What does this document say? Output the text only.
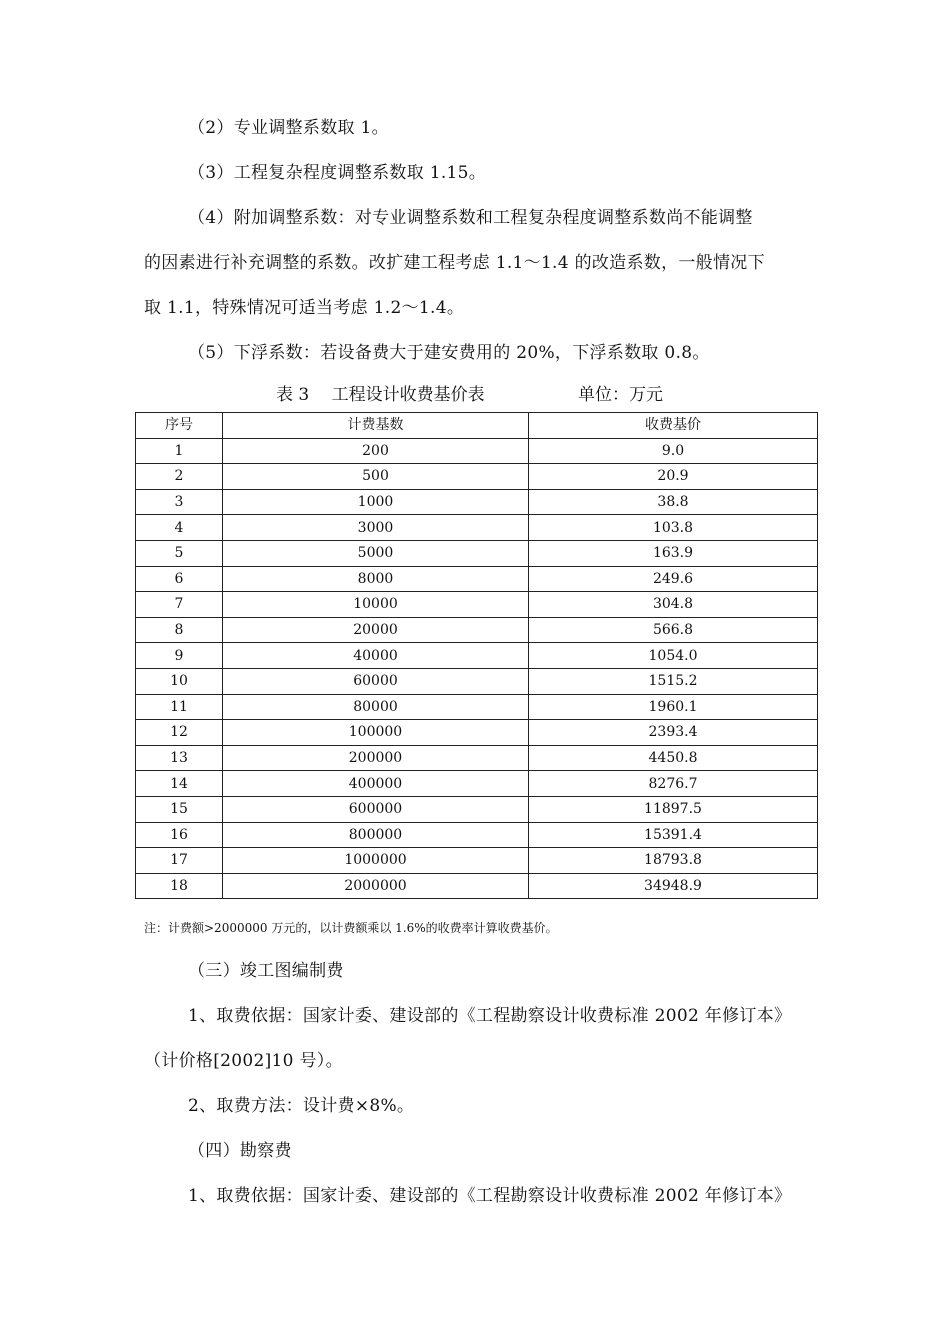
（2）专业调整系数取 1。
（3）工程复杂程度调整系数取 1.15。
（4）附加调整系数：对专业调整系数和工程复杂程度调整系数尚不能调整
的因素进行补充调整的系数。改扩建工程考虑 1.1～1.4 的改造系数，一般情况下
取 1.1，特殊情况可适当考虑 1.2～1.4。
（5）下浮系数：若设备费大于建安费用的 20%，下浮系数取 0.8。
表 3　 工程设计收费基价表	单位：万元
序号	计费基数	收费基价
1	200	9.0
2	500	20.9
3	1000	38.8
4	3000	103.8
5	5000	163.9
6	8000	249.6
7	10000	304.8
8	20000	566.8
9	40000	1054.0
10	60000	1515.2
11	80000	1960.1
12	100000	2393.4
13	200000	4450.8
14	400000	8276.7
15	600000	11897.5
16	800000	15391.4
17	1000000	18793.8
18	2000000	34948.9
注：计费额>2000000 万元的，以计费额乘以 1.6%的收费率计算收费基价。
（三）竣工图编制费
1、取费依据：国家计委、建设部的《工程勘察设计收费标准 2002 年修订本》
（计价格[2002]10 号）。
2、取费方法：设计费×8%。
（四）勘察费
1、取费依据：国家计委、建设部的《工程勘察设计收费标准 2002 年修订本》
